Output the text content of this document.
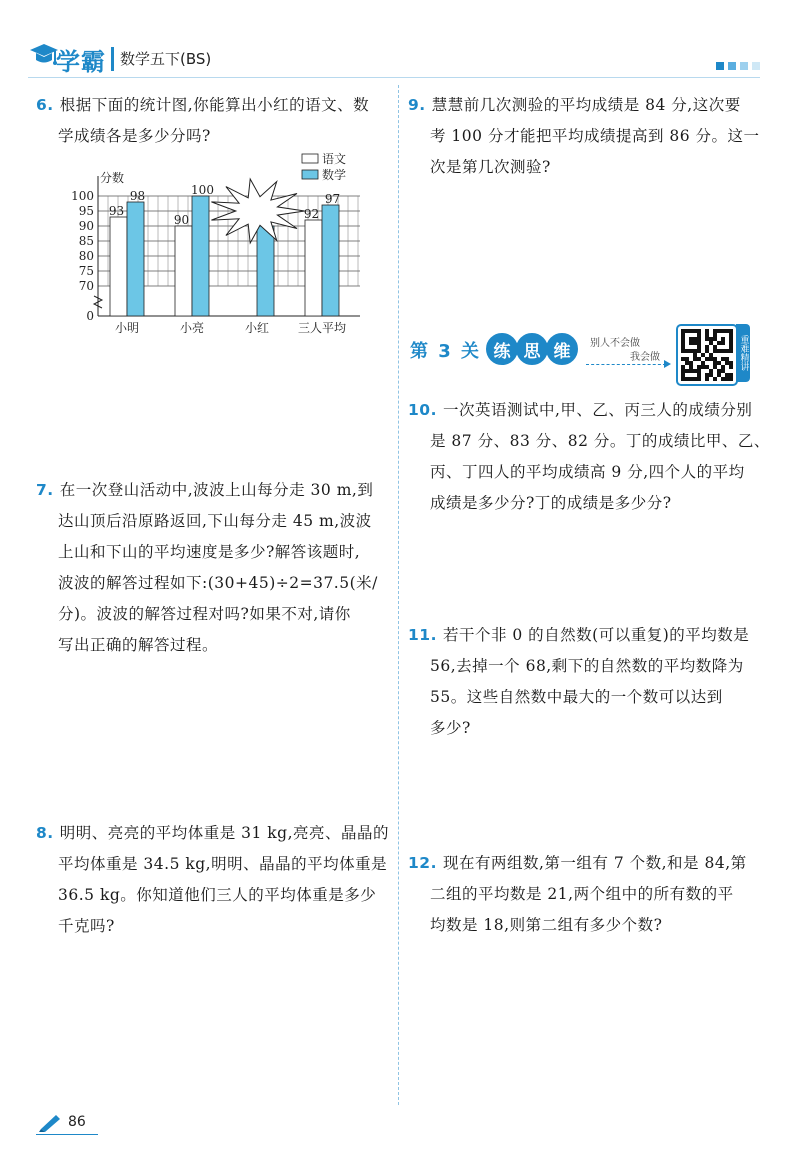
学霸 数学五下(BS)
6. 根据下面的统计图,你能算出小红的语文、数
学成绩各是多少分吗?
分数
0
70
75
80
85
90
95
100
小明
93
98
小亮
90
100
小红 三人平均
92
97
语文
数学
7. 在一次登山活动中,波波上山每分走 30 m,到
达山顶后沿原路返回,下山每分走 45 m,波波
上山和下山的平均速度是多少?解答该题时,
波波的解答过程如下:(30+45)÷2=37.5(米/
分)。波波的解答过程对吗?如果不对,请你
写出正确的解答过程。
8. 明明、亮亮的平均体重是 31 kg,亮亮、晶晶的
平均体重是 34.5 kg,明明、晶晶的平均体重是
36.5 kg。你知道他们三人的平均体重是多少
千克吗?
9. 慧慧前几次测验的平均成绩是 84 分,这次要
考 100 分才能把平均成绩提高到 86 分。这一
次是第几次测验?
第 3 关 练 思 维	别人不会做
我会做	重难精讲
10. 一次英语测试中,甲、乙、丙三人的成绩分别
是 87 分、83 分、82 分。丁的成绩比甲、乙、
丙、丁四人的平均成绩高 9 分,四个人的平均
成绩是多少分?丁的成绩是多少分?
11. 若干个非 0 的自然数(可以重复)的平均数是
56,去掉一个 68,剩下的自然数的平均数降为
55。这些自然数中最大的一个数可以达到
多少?
12. 现在有两组数,第一组有 7 个数,和是 84,第
二组的平均数是 21,两个组中的所有数的平
均数是 18,则第二组有多少个数?
86
